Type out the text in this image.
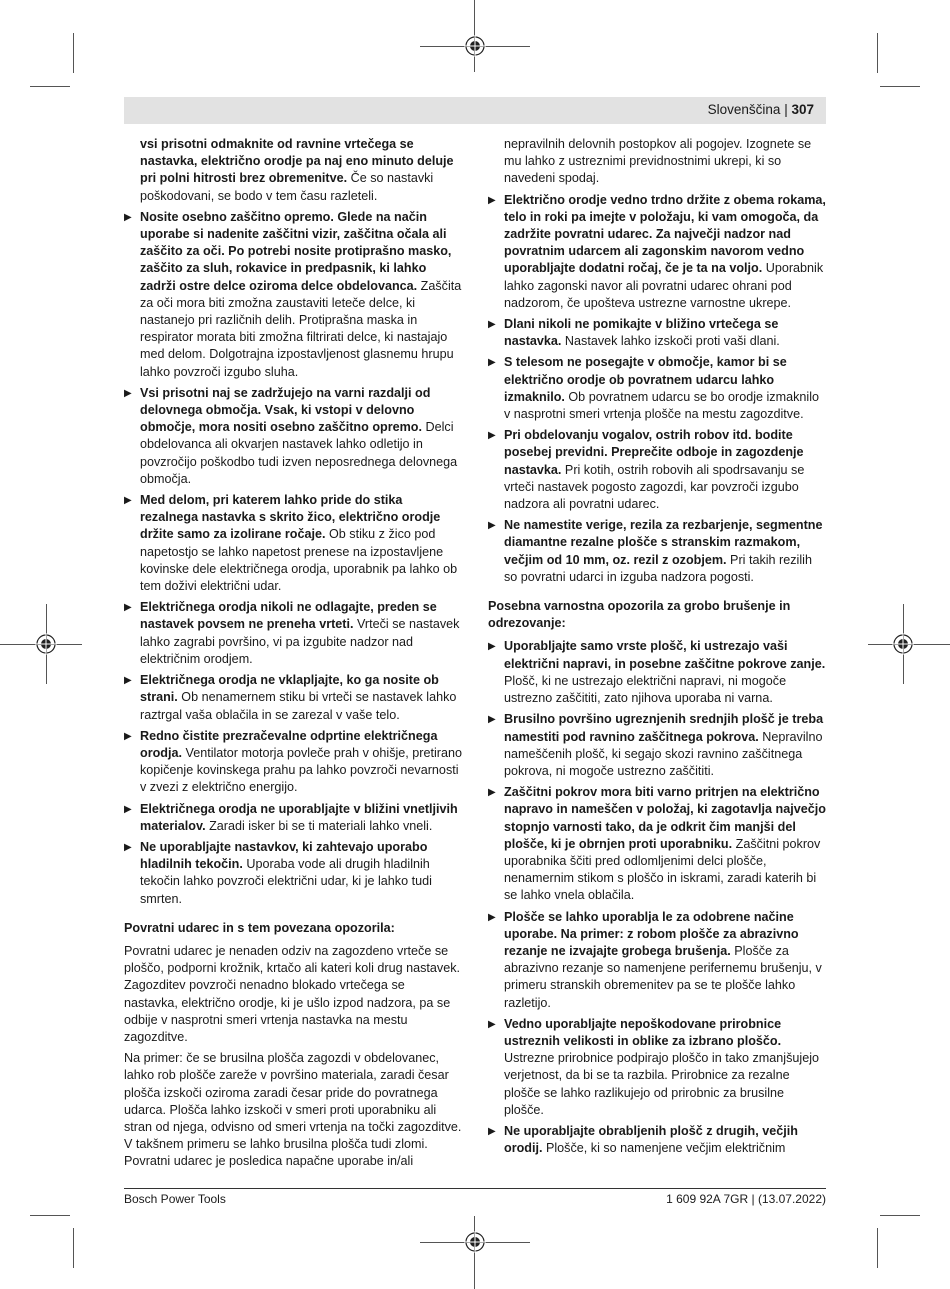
Slovenščina | 307
vsi prisotni odmaknite od ravnine vrtečega se nastavka, električno orodje pa naj eno minuto deluje pri polni hitrosti brez obremenitve. Če so nastavki poškodovani, se bodo v tem času razleteli.
▶ Nosite osebno zaščitno opremo. Glede na način uporabe si nadenite zaščitni vizir, zaščitna očala ali zaščito za oči. Po potrebi nosite protiprašno masko, zaščito za sluh, rokavice in predpasnik, ki lahko zadrži ostre delce oziroma delce obdelovanca. Zaščita za oči mora biti zmožna zaustaviti leteče delce, ki nastanejo pri različnih delih. Protiprašna maska in respirator morata biti zmožna filtrirati delce, ki nastajajo med delom. Dolgotrajna izpostavljenost glasnemu hrupu lahko povzroči izgubo sluha.
▶ Vsi prisotni naj se zadržujejo na varni razdalji od delovnega območja. Vsak, ki vstopi v delovno območje, mora nositi osebno zaščitno opremo. Delci obdelovanca ali okvarjen nastavek lahko odletijo in povzročijo poškodbo tudi izven neposrednega delovnega območja.
▶ Med delom, pri katerem lahko pride do stika rezalnega nastavka s skrito žico, električno orodje držite samo za izolirane ročaje. Ob stiku z žico pod napetostjo se lahko napetost prenese na izpostavljene kovinske dele električnega orodja, uporabnik pa lahko ob tem doživi električni udar.
▶ Električnega orodja nikoli ne odlagajte, preden se nastavek povsem ne preneha vrteti. Vrteči se nastavek lahko zagrabi površino, vi pa izgubite nadzor nad električnim orodjem.
▶ Električnega orodja ne vklapljajte, ko ga nosite ob strani. Ob nenamernem stiku bi vrteči se nastavek lahko raztrgal vaša oblačila in se zarezal v vaše telo.
▶ Redno čistite prezračevalne odprtine električnega orodja. Ventilator motorja povleče prah v ohišje, pretirano kopičenje kovinskega prahu pa lahko povzroči nevarnosti v zvezi z električno energijo.
▶ Električnega orodja ne uporabljajte v bližini vnetljivih materialov. Zaradi isker bi se ti materiali lahko vneli.
▶ Ne uporabljajte nastavkov, ki zahtevajo uporabo hladilnih tekočin. Uporaba vode ali drugih hladilnih tekočin lahko povzroči električni udar, ki je lahko tudi smrten.
Povratni udarec in s tem povezana opozorila:
Povratni udarec je nenaden odziv na zagozdeno vrteče se ploščo, podporni krožnik, krtačo ali kateri koli drug nastavek. Zagozditev povzroči nenadno blokado vrtečega se nastavka, električno orodje, ki je ušlo izpod nadzora, pa se odbije v nasprotni smeri vrtenja nastavka na mestu zagozditve.
Na primer: če se brusilna plošča zagozdi v obdelovanec, lahko rob plošče zareže v površino materiala, zaradi česar plošča izskoči oziroma zaradi česar pride do povratnega udarca. Plošča lahko izskoči v smeri proti uporabniku ali stran od njega, odvisno od smeri vrtenja na točki zagozditve. V takšnem primeru se lahko brusilna plošča tudi zlomi. Povratni udarec je posledica napačne uporabe in/ali
nepravilnih delovnih postopkov ali pogojev. Izognete se mu lahko z ustreznimi previdnostnimi ukrepi, ki so navedeni spodaj.
▶ Električno orodje vedno trdno držite z obema rokama, telo in roki pa imejte v položaju, ki vam omogoča, da zadržite povratni udarec. Za največji nadzor nad povratnim udarcem ali zagonskim navorom vedno uporabljajte dodatni ročaj, če je ta na voljo. Uporabnik lahko zagonski navor ali povratni udarec ohrani pod nadzorom, če upošteva ustrezne varnostne ukrepe.
▶ Dlani nikoli ne pomikajte v bližino vrtečega se nastavka. Nastavek lahko izskoči proti vaši dlani.
▶ S telesom ne posegajte v območje, kamor bi se električno orodje ob povratnem udarcu lahko izmaknilo. Ob povratnem udarcu se bo orodje izmaknilo v nasprotni smeri vrtenja plošče na mestu zagozditve.
▶ Pri obdelovanju vogalov, ostrih robov itd. bodite posebej previdni. Preprečite odboje in zagozdenje nastavka. Pri kotih, ostrih robovih ali spodrsavanju se vrteči nastavek pogosto zagozdi, kar povzroči izgubo nadzora ali povratni udarec.
▶ Ne namestite verige, rezila za rezbarjenje, segmentne diamantne rezalne plošče s stranskim razmakom, večjim od 10 mm, oz. rezil z ozobjem. Pri takih rezilih so povratni udarci in izguba nadzora pogosti.
Posebna varnostna opozorila za grobo brušenje in odrezovanje:
▶ Uporabljajte samo vrste plošč, ki ustrezajo vaši električni napravi, in posebne zaščitne pokrove zanje. Plošč, ki ne ustrezajo električni napravi, ni mogoče ustrezno zaščititi, zato njihova uporaba ni varna.
▶ Brusilno površino ugreznjenih srednjih plošč je treba namestiti pod ravnino zaščitnega pokrova. Nepravilno nameščenih plošč, ki segajo skozi ravnino zaščitnega pokrova, ni mogoče ustrezno zaščititi.
▶ Zaščitni pokrov mora biti varno pritrjen na električno napravo in nameščen v položaj, ki zagotavlja največjo stopnjo varnosti tako, da je odkrit čim manjši del plošče, ki je obrnjen proti uporabniku. Zaščitni pokrov uporabnika ščiti pred odlomljenimi delci plošče, nenamernim stikom s ploščo in iskrami, zaradi katerih bi se lahko vnela oblačila.
▶ Plošče se lahko uporablja le za odobrene načine uporabe. Na primer: z robom plošče za abrazivno rezanje ne izvajajte grobega brušenja. Plošče za abrazivno rezanje so namenjene perifernemu brušenju, v primeru stranskih obremenitev pa se te plošče lahko razletijo.
▶ Vedno uporabljajte nepoškodovane prirobnice ustreznih velikosti in oblike za izbrano ploščo. Ustrezne prirobnice podpirajo ploščo in tako zmanjšujejo verjetnost, da bi se ta razbila. Prirobnice za rezalne plošče se lahko razlikujejo od prirobnic za brusilne plošče.
▶ Ne uporabljajte obrabljenih plošč z drugih, večjih orodij. Plošče, ki so namenjene večjim električnim
Bosch Power Tools	1 609 92A 7GR | (13.07.2022)
